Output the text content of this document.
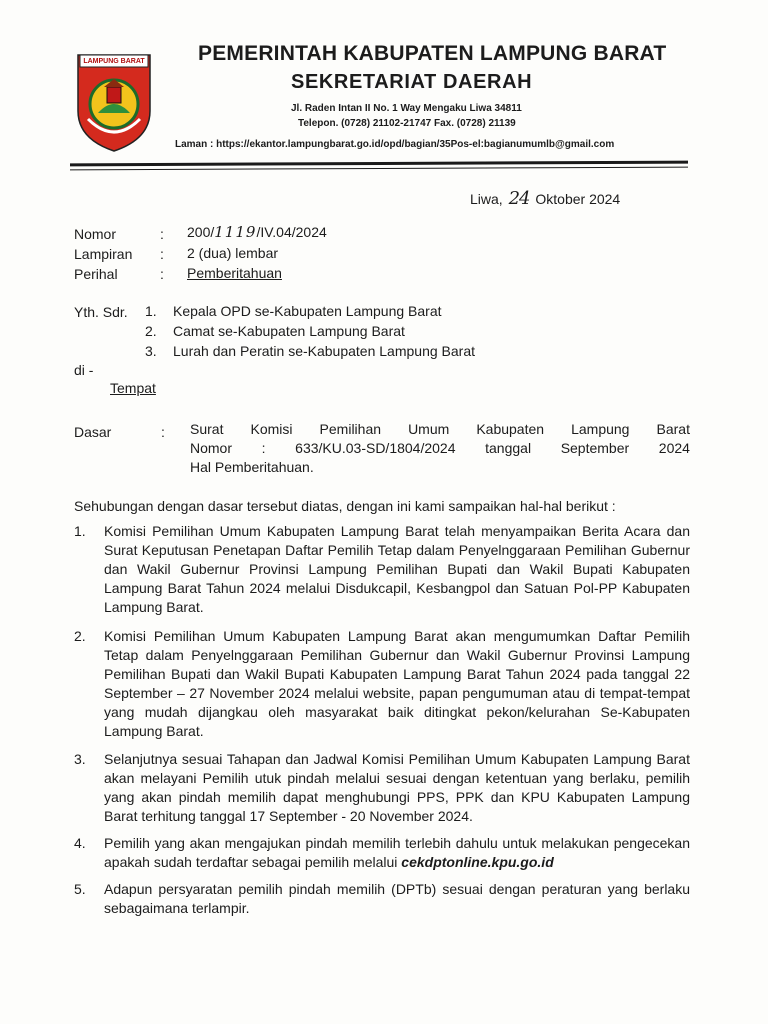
LAMPUNG BARAT	PEMERINTAH KABUPATEN LAMPUNG BARAT
SEKRETARIAT DAERAH
Jl. Raden Intan II No. 1 Way Mengaku Liwa 34811
Telepon. (0728) 21102-21747 Fax. (0728) 21139
Laman : https://ekantor.lampungbarat.go.id/opd/bagian/35Pos-el:bagianumumlb@gmail.com
Liwa, 24 Oktober 2024
Nomor	: 200/1119/IV.04/2024
Lampiran : 2 (dua) lembar
Perihal	: Pemberitahuan
Yth. Sdr. 1.	Kepala OPD se-Kabupaten Lampung Barat
2.	Camat se-Kabupaten Lampung Barat
3.	Lurah dan Peratin se-Kabupaten Lampung Barat
di -
Tempat
Dasar	: Surat Komisi Pemilihan Umum Kabupaten Lampung Barat
Nomor : 633/KU.03-SD/1804/2024 tanggal September 2024
Hal Pemberitahuan.
Sehubungan dengan dasar tersebut diatas, dengan ini kami sampaikan hal-hal berikut :
1.	Komisi Pemilihan Umum Kabupaten Lampung Barat telah menyampaikan Berita Acara dan Surat Keputusan Penetapan Daftar Pemilih Tetap dalam Penyelnggaraan Pemilihan Gubernur dan Wakil Gubernur Provinsi Lampung Pemilihan Bupati dan Wakil Bupati Kabupaten Lampung Barat Tahun 2024 melalui Disdukcapil, Kesbangpol dan Satuan Pol-PP Kabupaten Lampung Barat.
2.	Komisi Pemilihan Umum Kabupaten Lampung Barat akan mengumumkan Daftar Pemilih Tetap dalam Penyelnggaraan Pemilihan Gubernur dan Wakil Gubernur Provinsi Lampung Pemilihan Bupati dan Wakil Bupati Kabupaten Lampung Barat Tahun 2024 pada tanggal 22 September – 27 November 2024 melalui website, papan pengumuman atau di tempat-tempat yang mudah dijangkau oleh masyarakat baik ditingkat pekon/kelurahan Se-Kabupaten Lampung Barat.
3.	Selanjutnya sesuai Tahapan dan Jadwal Komisi Pemilihan Umum Kabupaten Lampung Barat akan melayani Pemilih utuk pindah melalui sesuai dengan ketentuan yang berlaku, pemilih yang akan pindah memilih dapat menghubungi PPS, PPK dan KPU Kabupaten Lampung Barat terhitung tanggal 17 September - 20 November 2024.
4.	Pemilih yang akan mengajukan pindah memilih terlebih dahulu untuk melakukan pengecekan apakah sudah terdaftar sebagai pemilih melalui cekdptonline.kpu.go.id
5.	Adapun persyaratan pemilih pindah memilih (DPTb) sesuai dengan peraturan yang berlaku sebagaimana terlampir.
